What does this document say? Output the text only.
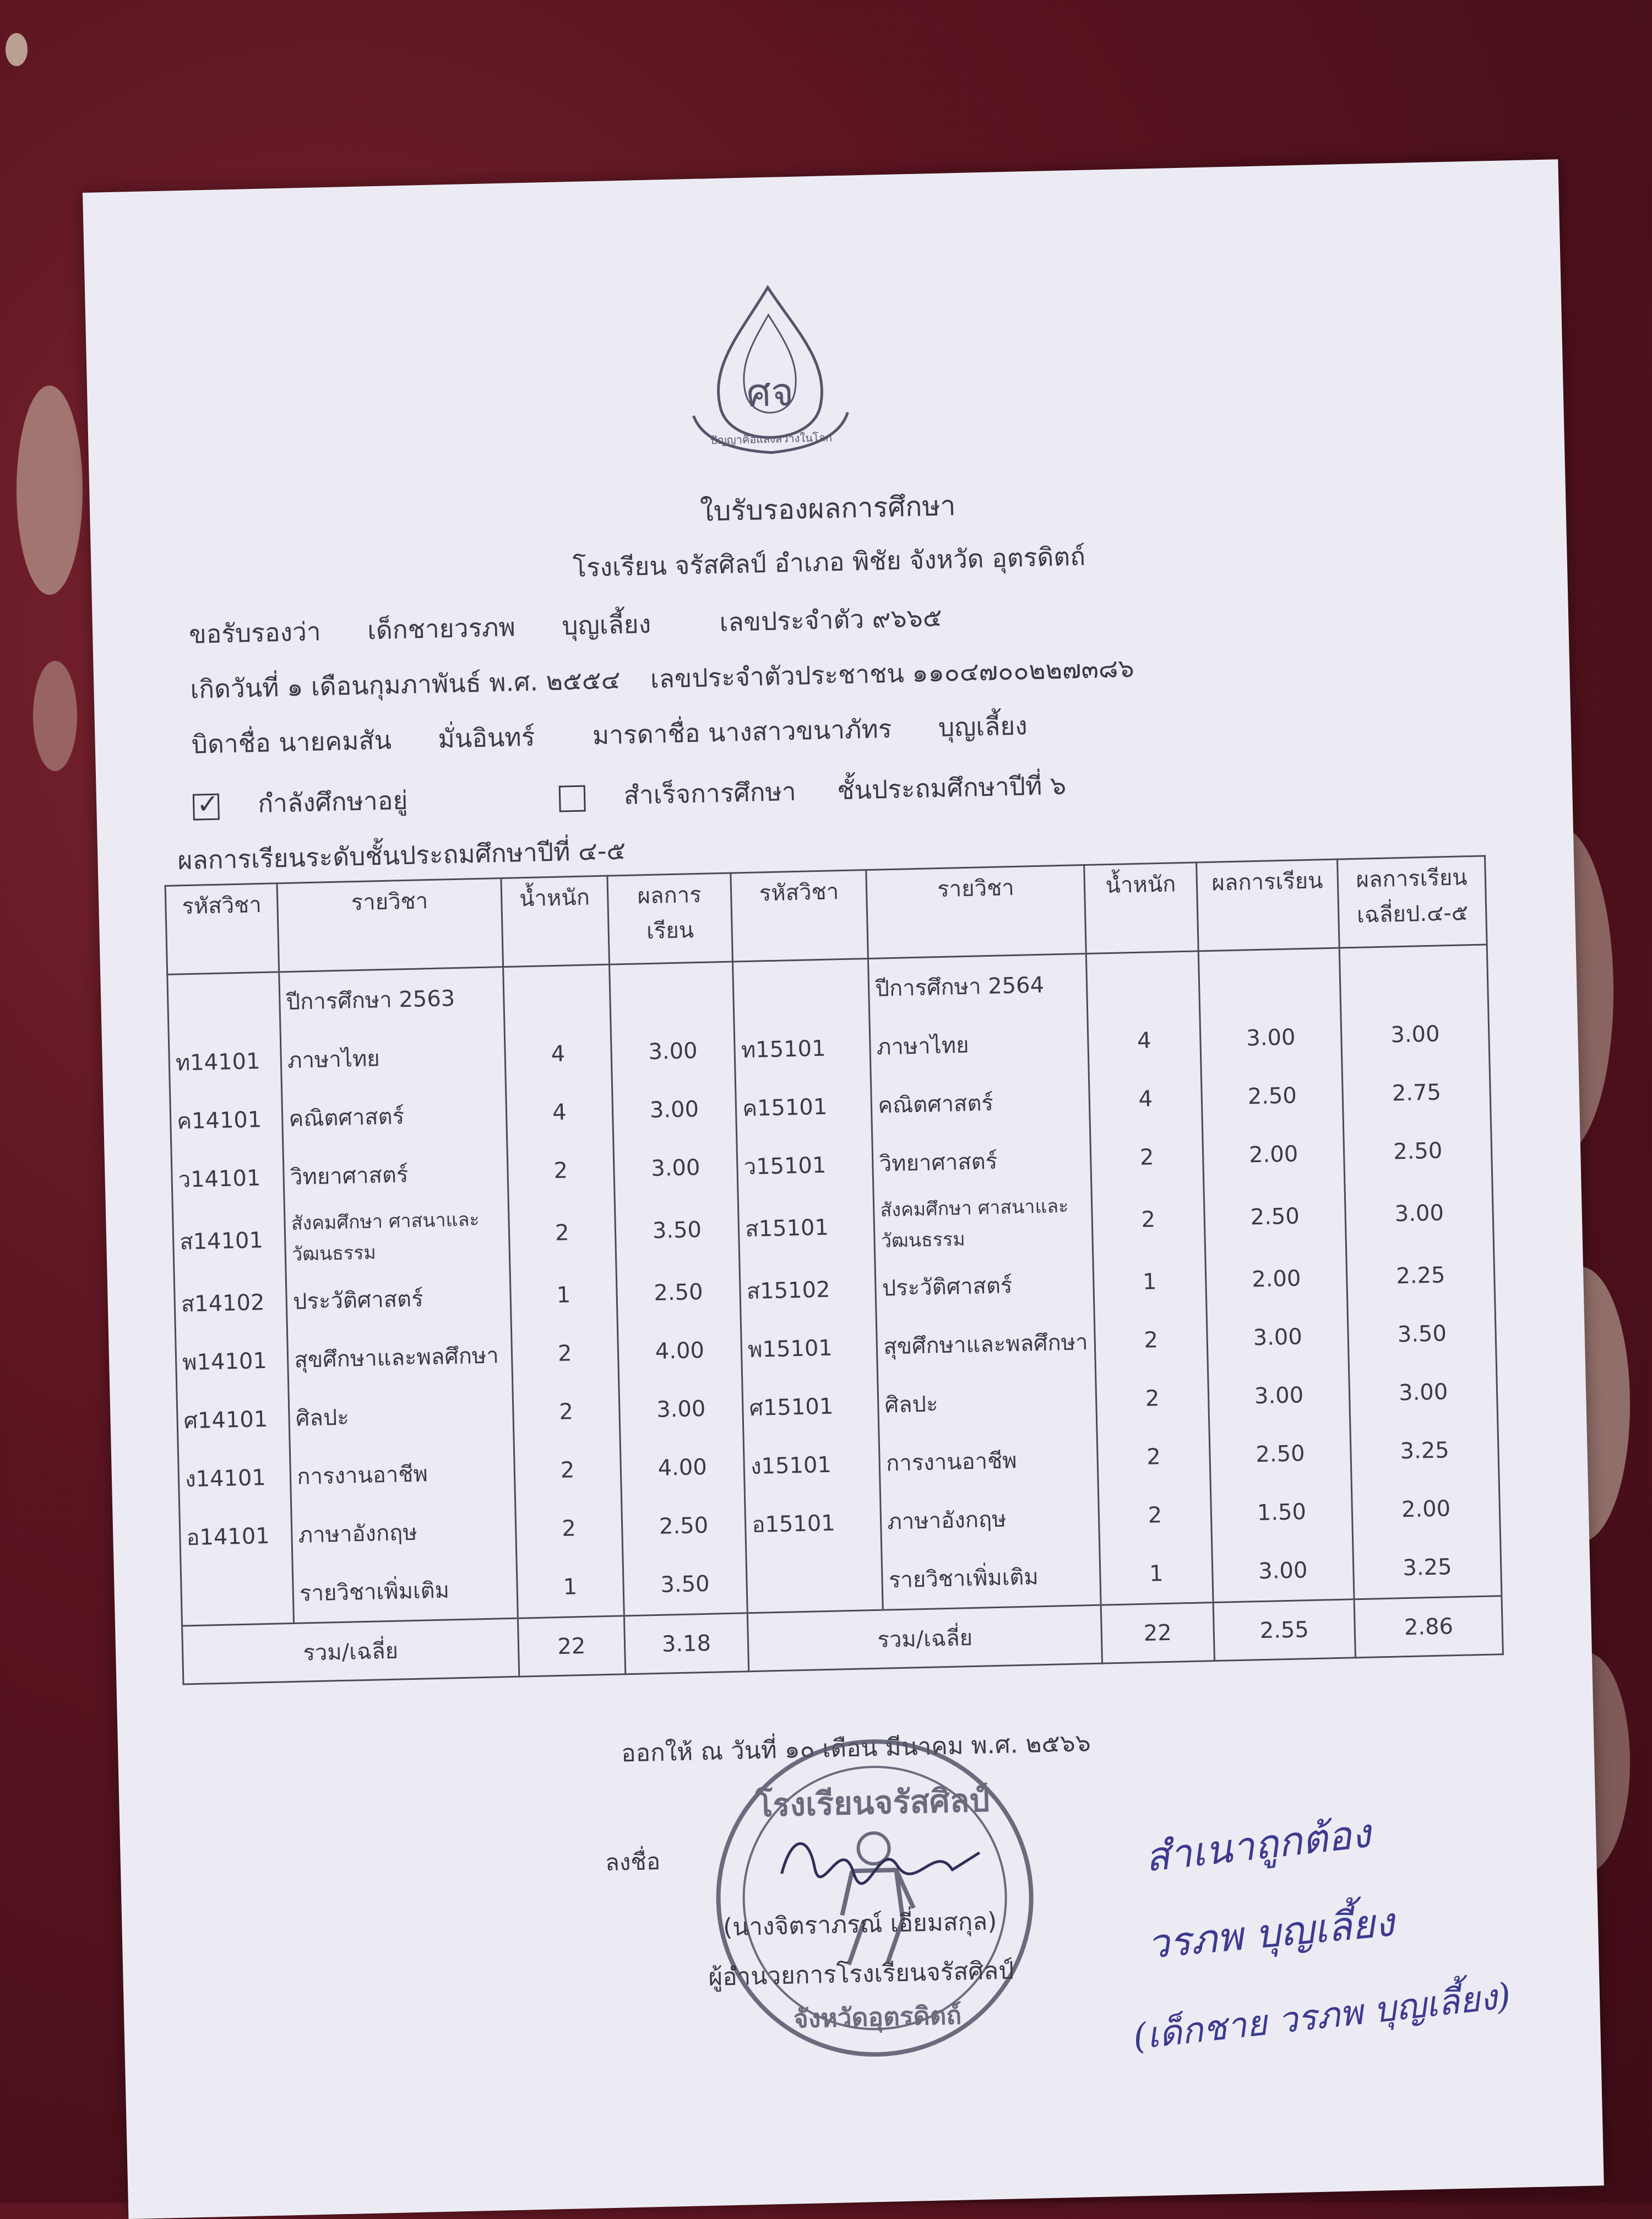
ศจ
ปัญญาคือแสงสว่างในโลก
ใบรับรองผลการศึกษา
โรงเรียน จรัสศิลป์ อำเภอ พิชัย จังหวัด อุตรดิตถ์
ขอรับรองว่า เด็กชายวรภพ บุญเลี้ยง	เลขประจำตัว ๙๖๖๕
เกิดวันที่ ๑ เดือนกุมภาพันธ์ พ.ศ. ๒๕๕๔ เลขประจำตัวประชาชน ๑๑๐๔๗๐๐๒๒๗๓๘๖
บิดาชื่อ นายคมสัน มั่นอินทร์ มารดาชื่อ นางสาวขนาภัทร บุญเลี้ยง
✓กำลังศึกษาอยู่	สำเร็จการศึกษา ชั้นประถมศึกษาปีที่ ๖
ผลการเรียนระดับชั้นประถมศึกษาปีที่ ๔-๕
รหัสวิชา	รายวิชา	น้ำหนัก	ผลการเรียน	รหัสวิชา	รายวิชา	น้ำหนัก	ผลการเรียน	ผลการเรียน เฉลี่ยป.๔-๕
	ปีการศึกษา 2563				ปีการศึกษา 2564			
ท14101	ภาษาไทย	4	3.00	ท15101	ภาษาไทย	4	3.00	3.00
ค14101	คณิตศาสตร์	4	3.00	ค15101	คณิตศาสตร์	4	2.50	2.75
ว14101	วิทยาศาสตร์	2	3.00	ว15101	วิทยาศาสตร์	2	2.00	2.50
ส14101	สังคมศึกษา ศาสนาและ วัฒนธรรม	2	3.50	ส15101	สังคมศึกษา ศาสนาและ วัฒนธรรม	2	2.50	3.00
ส14102	ประวัติศาสตร์	1	2.50	ส15102	ประวัติศาสตร์	1	2.00	2.25
พ14101	สุขศึกษาและพลศึกษา	2	4.00	พ15101	สุขศึกษาและพลศึกษา	2	3.00	3.50
ศ14101	ศิลปะ	2	3.00	ศ15101	ศิลปะ	2	3.00	3.00
ง14101	การงานอาชีพ	2	4.00	ง15101	การงานอาชีพ	2	2.50	3.25
อ14101	ภาษาอังกฤษ	2	2.50	อ15101	ภาษาอังกฤษ	2	1.50	2.00
	รายวิชาเพิ่มเติม	1	3.50		รายวิชาเพิ่มเติม	1	3.00	3.25
รวม/เฉลี่ย		22	3.18	รวม/เฉลี่ย		22	2.55	2.86
ออกให้ ณ วันที่ ๑๐ เดือน มีนาคม พ.ศ. ๒๕๖๖
โรงเรียนจรัสศิลป์
จังหวัดอุตรดิตถ์
ลงชื่อ
(นางจิตราภรณ์ เอี่ยมสกุล)
ผู้อำนวยการโรงเรียนจรัสศิลป์
สำเนาถูกต้อง
วรภพ บุญเลี้ยง
(เด็กชาย วรภพ บุญเลี้ยง)
